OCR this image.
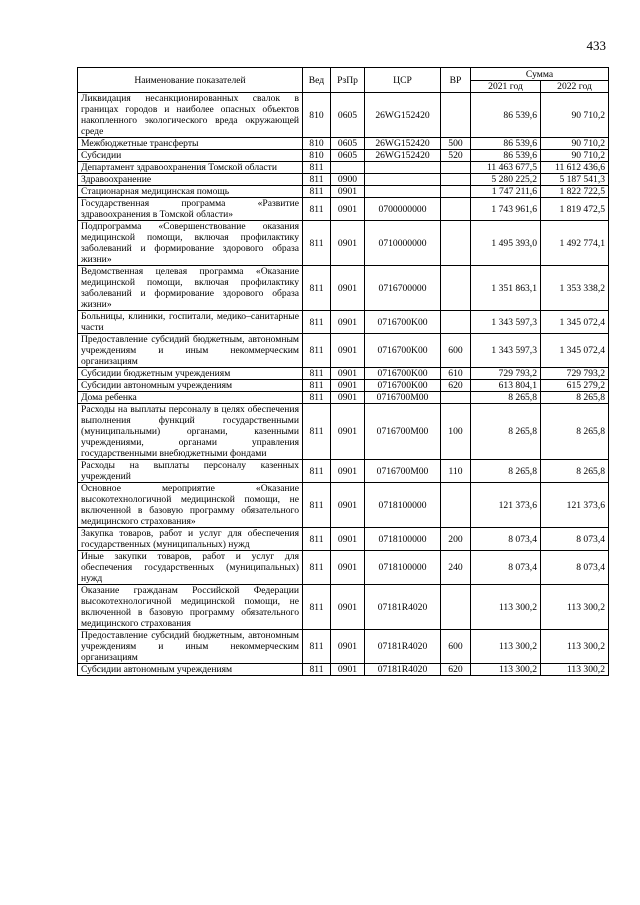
433
Наименование показателей	Вед	РзПр	ЦСР	ВР	Сумма	
					2021 год	2022 год
Ликвидация несанкционированных свалок в границах городов и наиболее опасных объектов накопленного экологического вреда окружающей среде	810	0605	26WG152420		86 539,6	90 710,2
Межбюджетные трансферты	810	0605	26WG152420	500	86 539,6	90 710,2
Субсидии	810	0605	26WG152420	520	86 539,6	90 710,2
Департамент здравоохранения Томской области	811				11 463 677,5	11 612 436,6
Здравоохранение	811	0900			5 280 225,2	5 187 541,3
Стационарная медицинская помощь	811	0901			1 747 211,6	1 822 722,5
Государственная программа «Развитие здравоохранения в Томской области»	811	0901	0700000000		1 743 961,6	1 819 472,5
Подпрограмма «Совершенствование оказания медицинской помощи, включая профилактику заболеваний и формирование здорового образа жизни»	811	0901	0710000000		1 495 393,0	1 492 774,1
Ведомственная целевая программа «Оказание медицинской помощи, включая профилактику заболеваний и формирование здорового образа жизни»	811	0901	0716700000		1 351 863,1	1 353 338,2
Больницы, клиники, госпитали, медико–санитарные части	811	0901	0716700K00		1 343 597,3	1 345 072,4
Предоставление субсидий бюджетным, автономным учреждениям и иным некоммерческим организациям	811	0901	0716700K00	600	1 343 597,3	1 345 072,4
Субсидии бюджетным учреждениям	811	0901	0716700K00	610	729 793,2	729 793,2
Субсидии автономным учреждениям	811	0901	0716700K00	620	613 804,1	615 279,2
Дома ребенка	811	0901	0716700M00		8 265,8	8 265,8
Расходы на выплаты персоналу в целях обеспечения выполнения функций государственными (муниципальными) органами, казенными учреждениями, органами управления государственными внебюджетными фондами	811	0901	0716700M00	100	8 265,8	8 265,8
Расходы на выплаты персоналу казенных учреждений	811	0901	0716700M00	110	8 265,8	8 265,8
Основное мероприятие «Оказание высокотехнологичной медицинской помощи, не включенной в базовую программу обязательного медицинского страхования»	811	0901	0718100000		121 373,6	121 373,6
Закупка товаров, работ и услуг для обеспечения государственных (муниципальных) нужд	811	0901	0718100000	200	8 073,4	8 073,4
Иные закупки товаров, работ и услуг для обеспечения государственных (муниципальных) нужд	811	0901	0718100000	240	8 073,4	8 073,4
Оказание гражданам Российской Федерации высокотехнологичной медицинской помощи, не включенной в базовую программу обязательного медицинского страхования	811	0901	07181R4020		113 300,2	113 300,2
Предоставление субсидий бюджетным, автономным учреждениям и иным некоммерческим организациям	811	0901	07181R4020	600	113 300,2	113 300,2
Субсидии автономным учреждениям	811	0901	07181R4020	620	113 300,2	113 300,2
